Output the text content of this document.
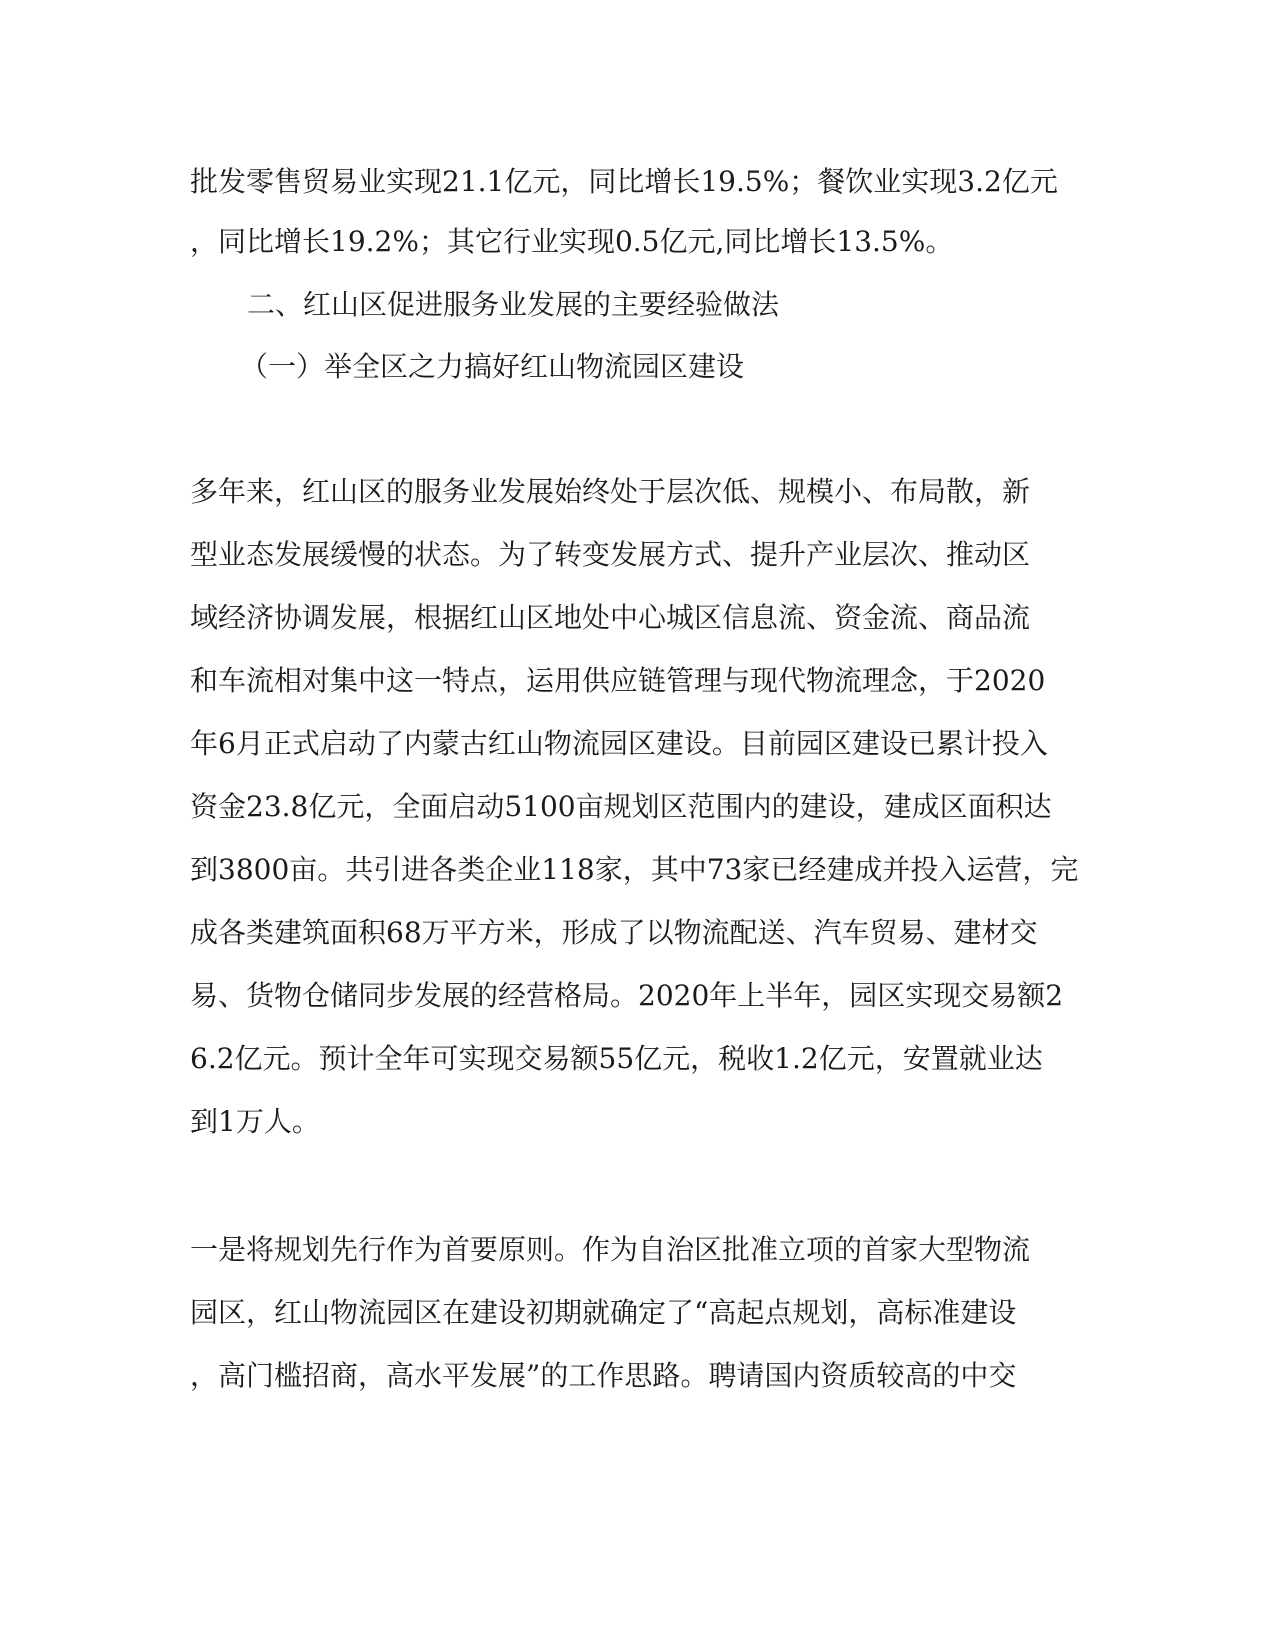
批发零售贸易业实现21.1亿元，同比增长19.5%；餐饮业实现3.2亿元
，同比增长19.2%；其它行业实现0.5亿元,同比增长13.5%。
二、红山区促进服务业发展的主要经验做法
（一）举全区之力搞好红山物流园区建设
多年来，红山区的服务业发展始终处于层次低、规模小、布局散，新
型业态发展缓慢的状态。为了转变发展方式、提升产业层次、推动区
域经济协调发展，根据红山区地处中心城区信息流、资金流、商品流
和车流相对集中这一特点，运用供应链管理与现代物流理念，于2020
年6月正式启动了内蒙古红山物流园区建设。目前园区建设已累计投入
资金23.8亿元，全面启动5100亩规划区范围内的建设，建成区面积达
到3800亩。共引进各类企业118家，其中73家已经建成并投入运营，完
成各类建筑面积68万平方米，形成了以物流配送、汽车贸易、建材交
易、货物仓储同步发展的经营格局。2020年上半年，园区实现交易额2
6.2亿元。预计全年可实现交易额55亿元，税收1.2亿元，安置就业达
到1万人。
一是将规划先行作为首要原则。作为自治区批准立项的首家大型物流
园区，红山物流园区在建设初期就确定了“高起点规划，高标准建设
，高门槛招商，高水平发展”的工作思路。聘请国内资质较高的中交
